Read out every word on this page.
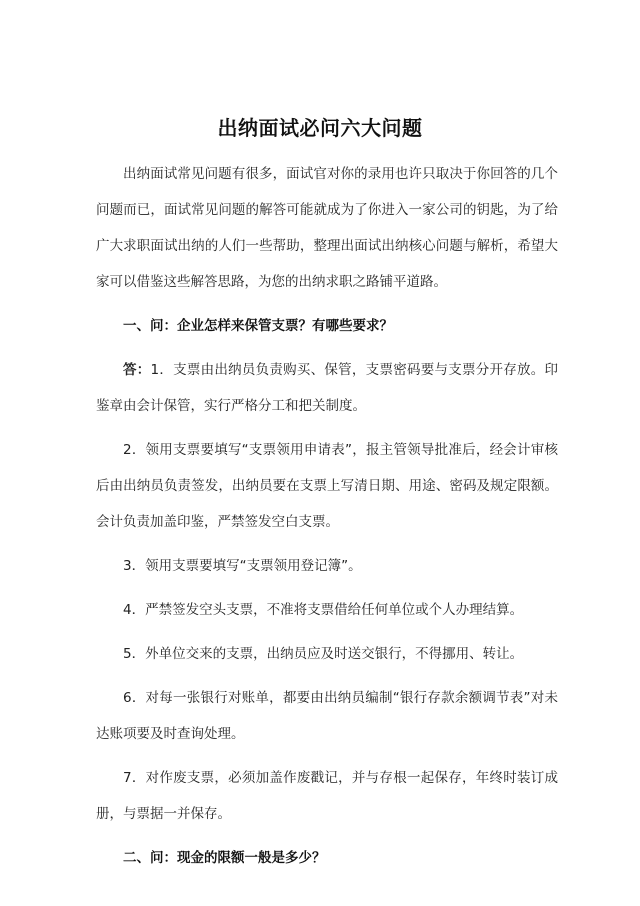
出纳面试必问六大问题

出纳面试常见问题有很多，面试官对你的录用也许只取决于你回答的几个问题而已，面试常见问题的解答可能就成为了你进入一家公司的钥匙，为了给广大求职面试出纳的人们一些帮助，整理出面试出纳核心问题与解析，希望大家可以借鉴这些解答思路，为您的出纳求职之路铺平道路。

一、问：企业怎样来保管支票？有哪些要求？

答：1．支票由出纳员负责购买、保管，支票密码要与支票分开存放。印鉴章由会计保管，实行严格分工和把关制度。

2．领用支票要填写“支票领用申请表”，报主管领导批准后，经会计审核后由出纳员负责签发，出纳员要在支票上写清日期、用途、密码及规定限额。会计负责加盖印鉴，严禁签发空白支票。

3．领用支票要填写“支票领用登记簿”。

4．严禁签发空头支票，不准将支票借给任何单位或个人办理结算。

5．外单位交来的支票，出纳员应及时送交银行，不得挪用、转让。

6．对每一张银行对账单，都要由出纳员编制“银行存款余额调节表”对未达账项要及时查询处理。

7．对作废支票，必须加盖作废戳记，并与存根一起保存，年终时装订成册，与票据一并保存。

二、问：现金的限额一般是多少？
